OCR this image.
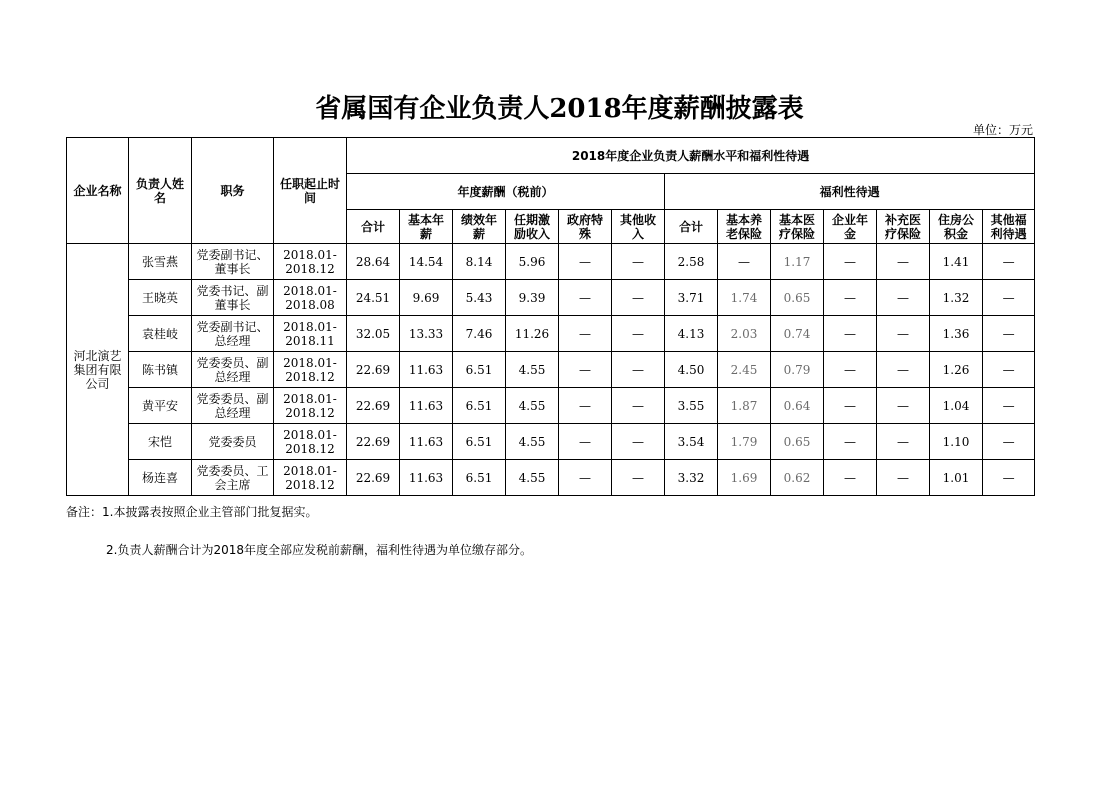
省属国有企业负责人2018年度薪酬披露表
单位：万元
企业名称	负责人姓名	职务	任职起止时间	2018年度企业负责人薪酬水平和福利性待遇												
				年度薪酬（税前）						福利性待遇						
				合计	基本年薪	绩效年薪	任期激励收入	政府特殊	其他收入	合计	基本养老保险	基本医疗保险	企业年金	补充医疗保险	住房公积金	其他福利待遇
河北演艺集团有限公司	张雪燕	党委副书记、董事长	2018.01-2018.12	28.64	14.54	8.14	5.96	—	—	2.58	—	1.17	—	—	1.41	—
	王晓英	党委书记、副董事长	2018.01-2018.08	24.51	9.69	5.43	9.39	—	—	3.71	1.74	0.65	—	—	1.32	—
	袁桂岐	党委副书记、总经理	2018.01-2018.11	32.05	13.33	7.46	11.26	—	—	4.13	2.03	0.74	—	—	1.36	—
	陈书镇	党委委员、副总经理	2018.01-2018.12	22.69	11.63	6.51	4.55	—	—	4.50	2.45	0.79	—	—	1.26	—
	黄平安	党委委员、副总经理	2018.01-2018.12	22.69	11.63	6.51	4.55	—	—	3.55	1.87	0.64	—	—	1.04	—
	宋恺	党委委员	2018.01-2018.12	22.69	11.63	6.51	4.55	—	—	3.54	1.79	0.65	—	—	1.10	—
	杨连喜	党委委员、工会主席	2018.01-2018.12	22.69	11.63	6.51	4.55	—	—	3.32	1.69	0.62	—	—	1.01	—
备注：1.本披露表按照企业主管部门批复据实。
2.负责人薪酬合计为2018年度全部应发税前薪酬，福利性待遇为单位缴存部分。
